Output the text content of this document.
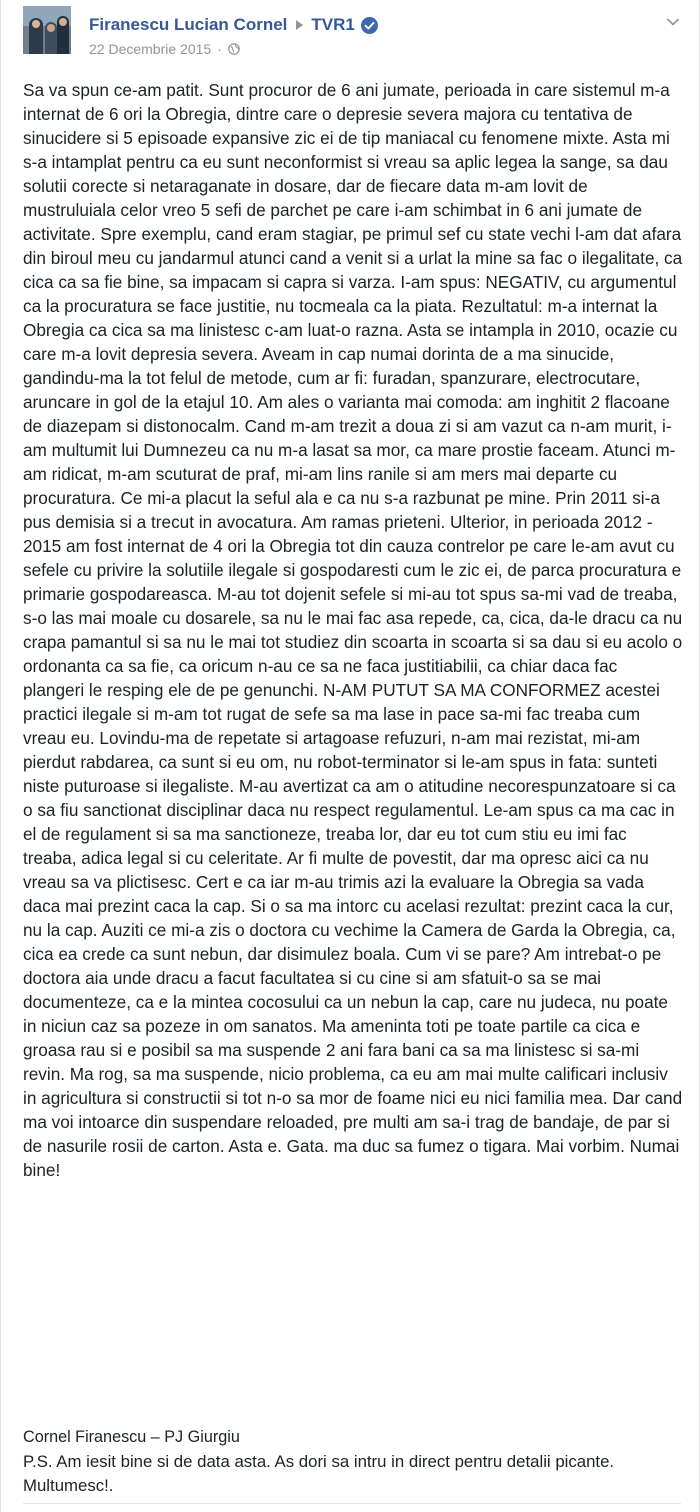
Firanescu Lucian Cornel TVR1
22 Decembrie 2015 ·

Sa va spun ce-am patit. Sunt procuror de 6 ani jumate, perioada in care sistemul m-a internat de 6 ori la Obregia, dintre care o depresie severa majora cu tentativa de sinucidere si 5 episoade expansive zic ei de tip maniacal cu fenomene mixte. Asta mi s-a intamplat pentru ca eu sunt neconformist si vreau sa aplic legea la sange, sa dau solutii corecte si netaraganate in dosare, dar de fiecare data m-am lovit de mustruluiala celor vreo 5 sefi de parchet pe care i-am schimbat in 6 ani jumate de activitate. Spre exemplu, cand eram stagiar, pe primul sef cu state vechi l-am dat afara din biroul meu cu jandarmul atunci cand a venit si a urlat la mine sa fac o ilegalitate, ca cica ca sa fie bine, sa impacam si capra si varza. I-am spus: NEGATIV, cu argumentul ca la procuratura se face justitie, nu tocmeala ca la piata. Rezultatul: m-a internat la Obregia ca cica sa ma linistesc c-am luat-o razna. Asta se intampla in 2010, ocazie cu care m-a lovit depresia severa. Aveam in cap numai dorinta de a ma sinucide, gandindu-ma la tot felul de metode, cum ar fi: furadan, spanzurare, electrocutare, aruncare in gol de la etajul 10. Am ales o varianta mai comoda: am inghitit 2 flacoane de diazepam si distonocalm. Cand m-am trezit a doua zi si am vazut ca n-am murit, i-am multumit lui Dumnezeu ca nu m-a lasat sa mor, ca mare prostie faceam. Atunci m-am ridicat, m-am scuturat de praf, mi-am lins ranile si am mers mai departe cu procuratura. Ce mi-a placut la seful ala e ca nu s-a razbunat pe mine. Prin 2011 si-a pus demisia si a trecut in avocatura. Am ramas prieteni. Ulterior, in perioada 2012 - 2015 am fost internat de 4 ori la Obregia tot din cauza contrelor pe care le-am avut cu sefele cu privire la solutiile ilegale si gospodaresti cum le zic ei, de parca procuratura e primarie gospodareasca. M-au tot dojenit sefele si mi-au tot spus sa-mi vad de treaba, s-o las mai moale cu dosarele, sa nu le mai fac asa repede, ca, cica, da-le dracu ca nu crapa pamantul si sa nu le mai tot studiez din scoarta in scoarta si sa dau si eu acolo o ordonanta ca sa fie, ca oricum n-au ce sa ne faca justitiabilii, ca chiar daca fac plangeri le resping ele de pe genunchi. N-AM PUTUT SA MA CONFORMEZ acestei practici ilegale si m-am tot rugat de sefe sa ma lase in pace sa-mi fac treaba cum vreau eu. Lovindu-ma de repetate si artagoase refuzuri, n-am mai rezistat, mi-am pierdut rabdarea, ca sunt si eu om, nu robot-terminator si le-am spus in fata: sunteti niste puturoase si ilegaliste. M-au avertizat ca am o atitudine necorespunzatoare si ca o sa fiu sanctionat disciplinar daca nu respect regulamentul. Le-am spus ca ma cac in el de regulament si sa ma sanctioneze, treaba lor, dar eu tot cum stiu eu imi fac treaba, adica legal si cu celeritate. Ar fi multe de povestit, dar ma opresc aici ca nu vreau sa va plictisesc. Cert e ca iar m-au trimis azi la evaluare la Obregia sa vada daca mai prezint caca la cap. Si o sa ma intorc cu acelasi rezultat: prezint caca la cur, nu la cap. Auziti ce mi-a zis o doctora cu vechime la Camera de Garda la Obregia, ca, cica ea crede ca sunt nebun, dar disimulez boala. Cum vi se pare? Am intrebat-o pe doctora aia unde dracu a facut facultatea si cu cine si am sfatuit-o sa se mai documenteze, ca e la mintea cocosului ca un nebun la cap, care nu judeca, nu poate in niciun caz sa pozeze in om sanatos. Ma ameninta toti pe toate partile ca cica e groasa rau si e posibil sa ma suspende 2 ani fara bani ca sa ma linistesc si sa-mi revin. Ma rog, sa ma suspende, nicio problema, ca eu am mai multe calificari inclusiv in agricultura si constructii si tot n-o sa mor de foame nici eu nici familia mea. Dar cand ma voi intoarce din suspendare reloaded, pre multi am sa-i trag de bandaje, de par si de nasurile rosii de carton. Asta e. Gata. ma duc sa fumez o tigara. Mai vorbim. Numai bine!

Cornel Firanescu – PJ Giurgiu
P.S. Am iesit bine si de data asta. As dori sa intru in direct pentru detalii picante. Multumesc!.
